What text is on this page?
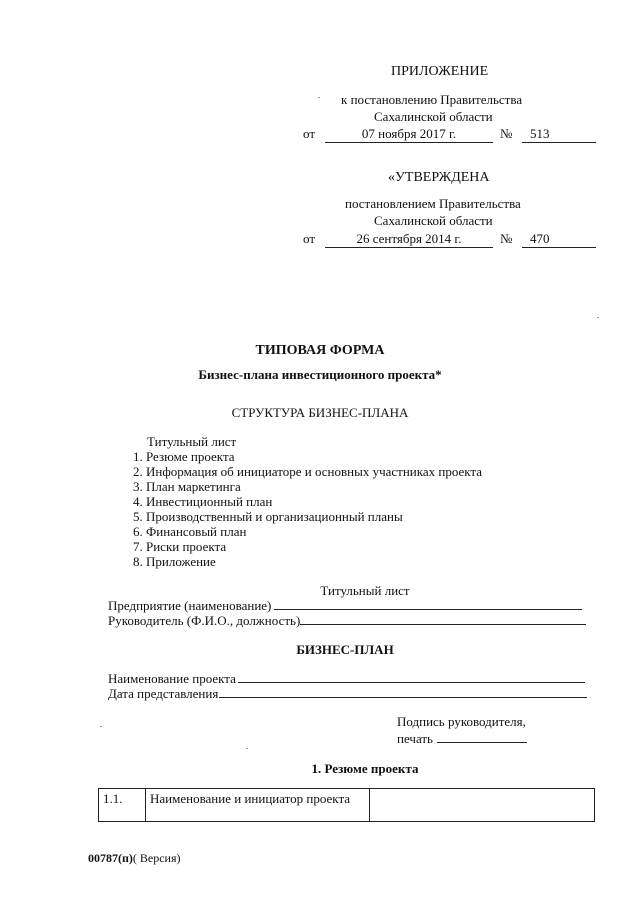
ПРИЛОЖЕНИЕ
к постановлению Правительства
Сахалинской области
от	07 ноября 2017 г.	№	513
«УТВЕРЖДЕНА
постановлением Правительства
Сахалинской области
от	26 сентября 2014 г.	№	470
ТИПОВАЯ ФОРМА
Бизнес-плана инвестиционного проекта*
СТРУКТУРА БИЗНЕС-ПЛАНА
Титульный лист
1. Резюме проекта
2. Информация об инициаторе и основных участниках проекта
3. План маркетинга
4. Инвестиционный план
5. Производственный и организационный планы
6. Финансовый план
7. Риски проекта
8. Приложение
Титульный лист
Предприятие (наименование)
Руководитель (Ф.И.О., должность)
БИЗНЕС-ПЛАН
Наименование проекта
Дата представления
Подпись руководителя,
печать
1. Резюме проекта
1.1.	Наименование и инициатор проекта	
00787(п)( Версия)
